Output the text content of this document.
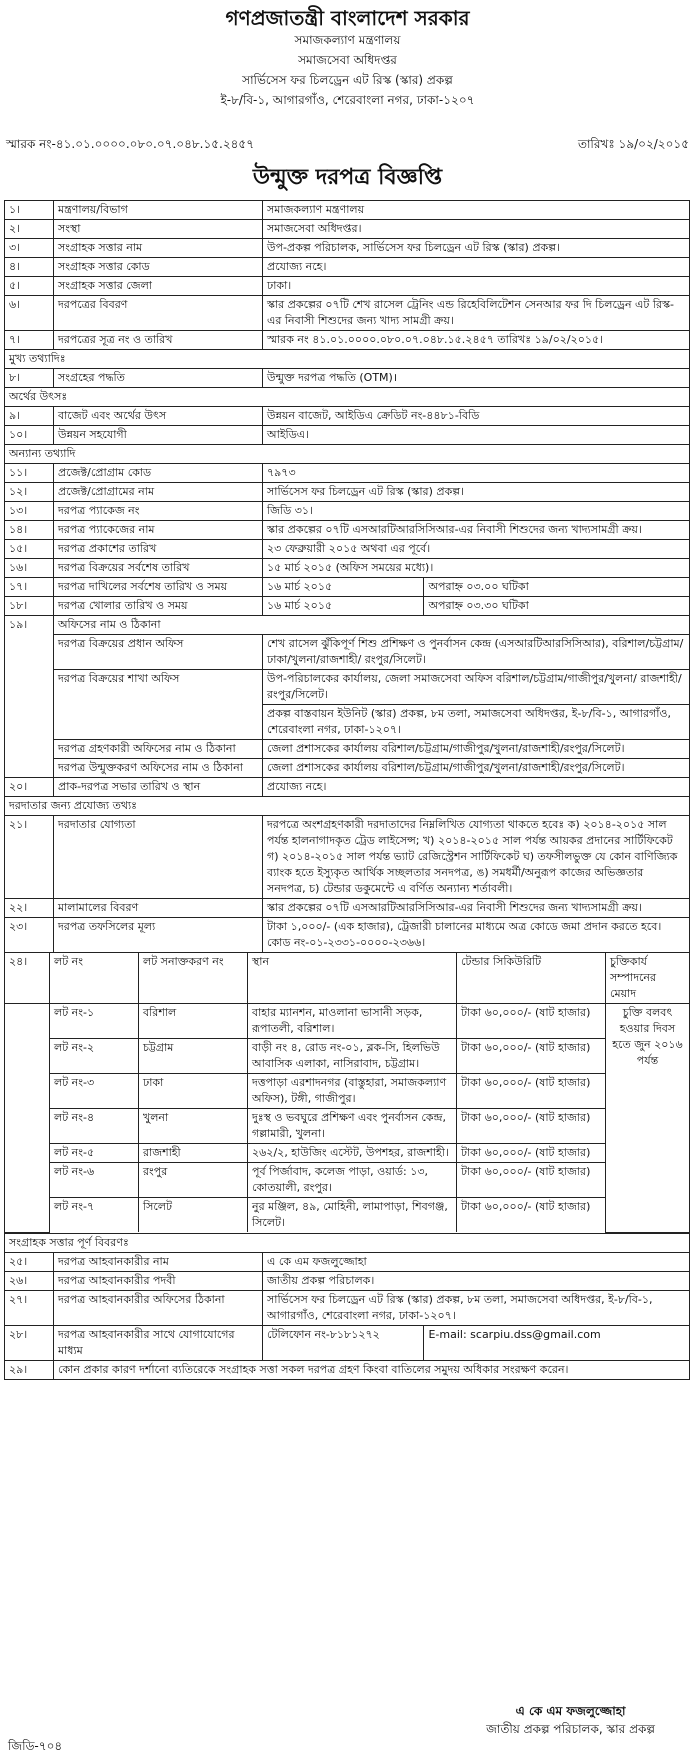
গণপ্রজাতন্ত্রী বাংলাদেশ সরকার
সমাজকল্যাণ মন্ত্রণালয়
সমাজসেবা অধিদপ্তর
সার্ভিসেস ফর চিলড্রেন এট রিস্ক (স্কার) প্রকল্প
ই-৮/বি-১, আগারগাঁও, শেরেবাংলা নগর, ঢাকা-১২০৭
স্মারক নং-৪১.০১.০০০০.০৮০.০৭.০৪৮.১৫.২৪৫৭	তারিখঃ ১৯/০২/২০১৫
উন্মুক্ত দরপত্র বিজ্ঞপ্তি
১।	মন্ত্রণালয়/বিভাগ	সমাজকল্যাণ মন্ত্রণালয়
২।	সংস্থা	সমাজসেবা অধিদপ্তর।
৩।	সংগ্রাহক সত্তার নাম	উপ-প্রকল্প পরিচালক, সার্ভিসেস ফর চিলড্রেন এট রিস্ক (স্কার) প্রকল্প।
৪।	সংগ্রাহক সত্তার কোড	প্রযোজ্য নহে।
৫।	সংগ্রাহক সত্তার জেলা	ঢাকা।
৬।	দরপত্রের বিবরণ	স্কার প্রকল্পের ০৭টি শেখ রাসেল ট্রেনিং এন্ড রিহেবিলিটেশন সেনআর ফর দি চিলড্রেন এট রিস্ক-এর নিবাসী শিশুদের জন্য খাদ্য সামগ্রী ক্রয়।
৭।	দরপত্রের সূত্র নং ও তারিখ	স্মারক নং ৪১.০১.০০০০.০৮০.০৭.০৪৮.১৫.২৪৫৭ তারিখঃ ১৯/০২/২০১৫।
মুখ্য তথ্যাদিঃ
৮।	সংগ্রহের পদ্ধতি	উন্মুক্ত দরপত্র পদ্ধতি (OTM)।
অর্থের উৎসঃ
৯।	বাজেট এবং অর্থের উৎস	উন্নয়ন বাজেট, আইডিএ ক্রেডিট নং-৪৪৮১-বিডি
১০।	উন্নয়ন সহযোগী	আইডিএ।
অন্যান্য তথ্যাদি
১১।	প্রজেক্ট/প্রোগ্রাম কোড	৭৯৭৩
১২।	প্রজেক্ট/প্রোগ্রামের নাম	সার্ভিসেস ফর চিলড্রেন এট রিস্ক (স্কার) প্রকল্প।
১৩।	দরপত্র প্যাকেজ নং	জিডি ৩১।
১৪।	দরপত্র প্যাকেজের নাম	স্কার প্রকল্পের ০৭টি এসআরটিআরসিসিআর-এর নিবাসী শিশুদের জন্য খাদ্যসামগ্রী ক্রয়।
১৫।	দরপত্র প্রকাশের তারিখ	২৩ ফেব্রুয়ারী ২০১৫ অথবা এর পূর্বে।
১৬।	দরপত্র বিক্রয়ের সর্বশেষ তারিখ	১৫ মার্চ ২০১৫ (অফিস সময়ের মধ্যে)।
১৭।	দরপত্র দাখিলের সর্বশেষ তারিখ ও সময়	১৬ মার্চ ২০১৫	অপরাহ্ন ০৩.০০ ঘটিকা
১৮।	দরপত্র খোলার তারিখ ও সময়	১৬ মার্চ ২০১৫	অপরাহ্ন ০৩.৩০ ঘটিকা
১৯।	অফিসের নাম ও ঠিকানা
দরপত্র বিক্রয়ের প্রধান অফিস	শেখ রাসেল ঝুঁকিপূর্ণ শিশু প্রশিক্ষণ ও পুনর্বাসন কেন্দ্র (এসআরটিআরসিসিআর), বরিশাল/চট্টগ্রাম/ঢাকা/খুলনা/রাজশাহী/ রংপুর/সিলেট।
দরপত্র বিক্রয়ের শাখা অফিস	উপ-পরিচালকের কার্যালয়, জেলা সমাজসেবা অফিস বরিশাল/চট্টগ্রাম/গাজীপুর/খুলনা/ রাজশাহী/রংপুর/সিলেট।
প্রকল্প বাস্তবায়ন ইউনিট (স্কার) প্রকল্প, ৮ম তলা, সমাজসেবা অধিদপ্তর, ই-৮/বি-১, আগারগাঁও, শেরেবাংলা নগর, ঢাকা-১২০৭।
দরপত্র গ্রহণকারী অফিসের নাম ও ঠিকানা	জেলা প্রশাসকের কার্যালয় বরিশাল/চট্টগ্রাম/গাজীপুর/খুলনা/রাজশাহী/রংপুর/সিলেট।
দরপত্র উন্মুক্তকরণ অফিসের নাম ও ঠিকানা	জেলা প্রশাসকের কার্যালয় বরিশাল/চট্টগ্রাম/গাজীপুর/খুলনা/রাজশাহী/রংপুর/সিলেট।
২০।	প্রাক-দরপত্র সভার তারিখ ও স্থান	প্রযোজ্য নহে।
দরদাতার জন্য প্রযোজ্য তথ্যঃ
২১।	দরদাতার যোগ্যতা	দরপত্রে অংশগ্রহণকারী দরদাতাদের নিম্নলিখিত যোগ্যতা থাকতে হবেঃ ক) ২০১৪-২০১৫ সাল পর্যন্ত হালনাগাদকৃত ট্রেড লাইসেন্স; খ) ২০১৪-২০১৫ সাল পর্যন্ত আয়কর প্রদানের সার্টিফিকেট গ) ২০১৪-২০১৫ সাল পর্যন্ত ভ্যাট রেজিস্ট্রেশন সার্টিফিকেট ঘ) তফসীলভুক্ত যে কোন বাণিজ্যিক ব্যাংক হতে ইস্যুকৃত আর্থিক সচ্ছলতার সনদপত্র, ঙ) সমধর্মী/অনুরূপ কাজের অভিজ্ঞতার সনদপত্র, চ) টেন্ডার ডকুমেন্টে এ বর্ণিত অন্যান্য শর্তাবলী।
২২।	মালামালের বিবরণ	স্কার প্রকল্পের ০৭টি এসআরটিআরসিসিআর-এর নিবাসী শিশুদের জন্য খাদ্যসামগ্রী ক্রয়।
২৩।	দরপত্র তফসিলের মূল্য	টাকা ১,০০০/- (এক হাজার), ট্রেজারী চালানের মাধ্যমে অত্র কোডে জমা প্রদান করতে হবে। কোড নং-০১-২৩৩১-০০০০-২৩৬৬।

২৪।	লট নং	লট সনাক্তকরণ নং	স্থান	টেন্ডার সিকিউরিটি	চুক্তিকার্য সম্পাদনের মেয়াদ
	লট নং-১	বরিশাল	বাহার ম্যানশন, মাওলানা ভাসানী সড়ক, রূপাতলী, বরিশাল।	টাকা ৬০,০০০/- (ষাট হাজার)	চুক্তি বলবৎ হওয়ার দিবস হতে জুন ২০১৬ পর্যন্ত
লট নং-২	চট্টগ্রাম	বাড়ী নং ৪, রোড নং-০১, ব্লক-সি, হিলভিউ আবাসিক এলাকা, নাসিরাবাদ, চট্টগ্রাম।	টাকা ৬০,০০০/- (ষাট হাজার)
লট নং-৩	ঢাকা	দত্তপাড়া এরশাদনগর (বাস্তুহারা, সমাজকল্যাণ অফিস), টঙ্গী, গাজীপুর।	টাকা ৬০,০০০/- (ষাট হাজার)
লট নং-৪	খুলনা	দুঃস্থ ও ভবঘুরে প্রশিক্ষণ এবং পুনর্বাসন কেন্দ্র, গল্লামারী, খুলনা।	টাকা ৬০,০০০/- (ষাট হাজার)
লট নং-৫	রাজশাহী	২৬২/২, হাউজিং এস্টেট, উপশহর, রাজশাহী।	টাকা ৬০,০০০/- (ষাট হাজার)
লট নং-৬	রংপুর	পূর্ব পির্জাবাদ, কলেজ পাড়া, ওয়ার্ড: ১৩, কোতয়ালী, রংপুর।	টাকা ৬০,০০০/- (ষাট হাজার)
লট নং-৭	সিলেট	নুর মঞ্জিল, ৪৯, মোহিনী, লামাপাড়া, শিবগঞ্জ, সিলেট।	টাকা ৬০,০০০/- (ষাট হাজার)

সংগ্রাহক সত্তার পূর্ণ বিবরণঃ
২৫।	দরপত্র আহবানকারীর নাম	এ কে এম ফজলুজ্জোহা
২৬।	দরপত্র আহবানকারীর পদবী	জাতীয় প্রকল্প পরিচালক।
২৭।	দরপত্র আহবানকারীর অফিসের ঠিকানা	সার্ভিসেস ফর চিলড্রেন এট রিস্ক (স্কার) প্রকল্প, ৮ম তলা, সমাজসেবা অধিদপ্তর, ই-৮/বি-১, আগারগাঁও, শেরেবাংলা নগর, ঢাকা-১২০৭।
২৮।	দরপত্র আহবানকারীর সাথে যোগাযোগের মাধ্যম	টেলিফোন নং-৮১৮১২৭২	E-mail: scarpiu.dss@gmail.com
২৯।	কোন প্রকার কারণ দর্শানো ব্যতিরেকে সংগ্রাহক সত্তা সকল দরপত্র গ্রহণ কিংবা বাতিলের সমুদয় অধিকার সংরক্ষণ করেন।
এ কে এম ফজলুজ্জোহা
জাতীয় প্রকল্প পরিচালক, স্কার প্রকল্প
জিডি-৭০৪
